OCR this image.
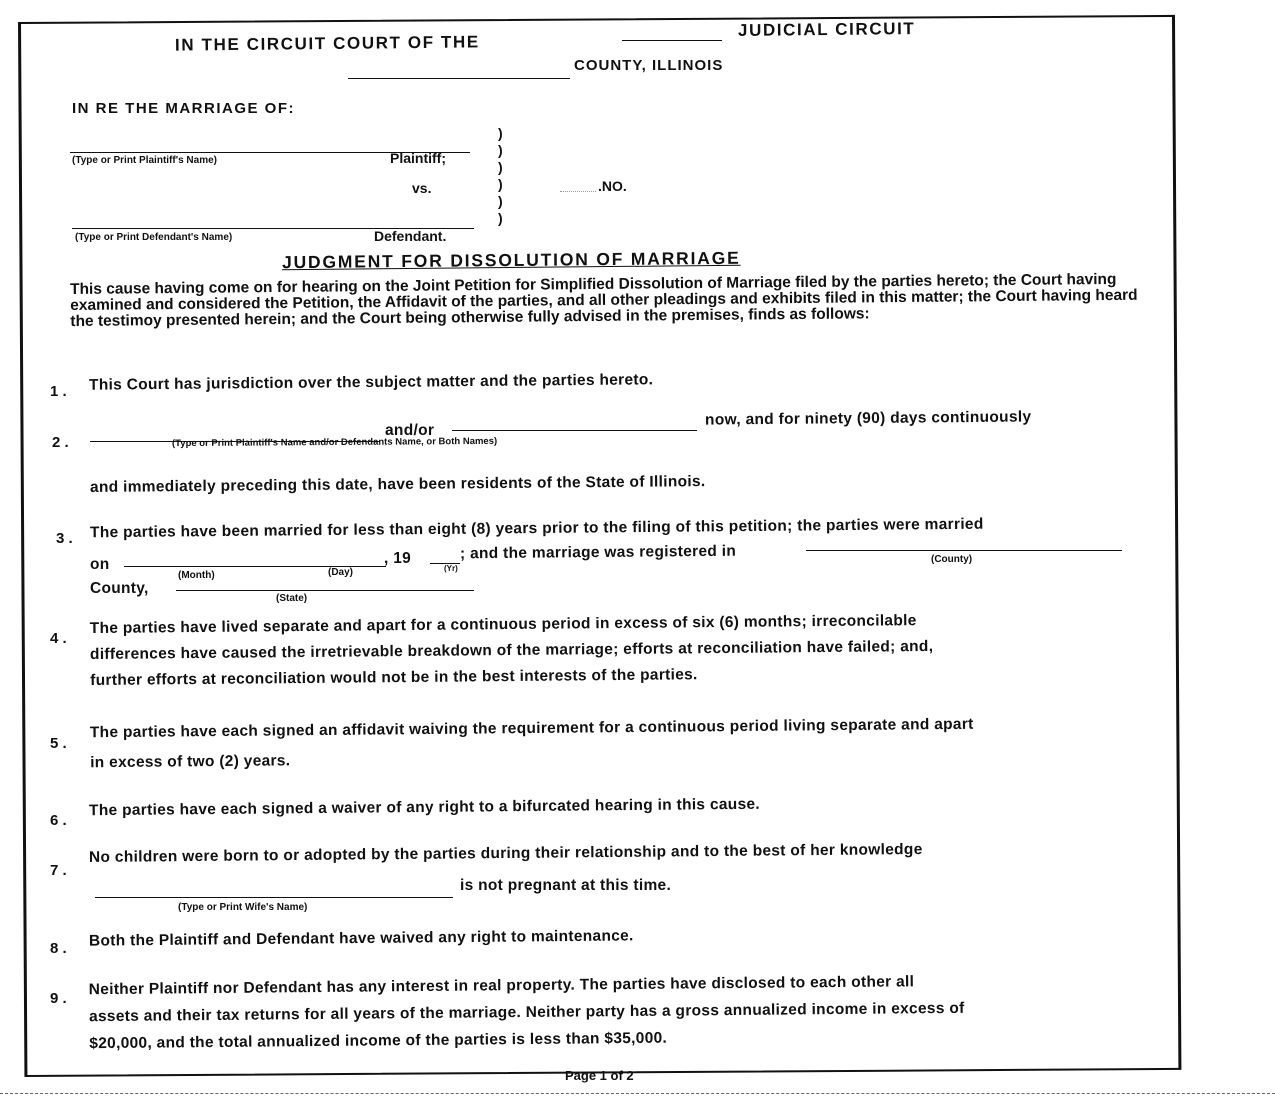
IN THE CIRCUIT COURT OF THE
JUDICIAL CIRCUIT
COUNTY, ILLINOIS
IN RE THE MARRIAGE OF:
(Type or Print Plaintiff's Name)	Plaintiff;
vs.
(Type or Print Defendant's Name)	Defendant.
)
)
)
)
)
)
.NO.
JUDGMENT FOR DISSOLUTION OF MARRIAGE
This cause having come on for hearing on the Joint Petition for Simplified Dissolution of Marriage filed by the parties hereto; the Court having examined and considered the Petition, the Affidavit of the parties, and all other pleadings and exhibits filed in this matter; the Court having heard the testimoy presented herein; and the Court being otherwise fully advised in the premises, finds as follows:
1 . This Court has jurisdiction over the subject matter and the parties hereto.
2 .
and/or
now, and for ninety (90) days continuously
(Type or Print Plaintiff's Name and/or Defendants Name, or Both Names)
and immediately preceding this date, have been residents of the State of Illinois.
3 . The parties have been married for less than eight (8) years prior to the filing of this petition; the parties were married
on
(Month)	(Day)
, 19
(Yr)
; and the marriage was registered in	(County)
County,
(State)
4 .
The parties have lived separate and apart for a continuous period in excess of six (6) months; irreconcilable
differences have caused the irretrievable breakdown of the marriage; efforts at reconciliation have failed; and,
further efforts at reconciliation would not be in the best interests of the parties.
5 .
The parties have each signed an affidavit waiving the requirement for a continuous period living separate and apart
in excess of two (2) years.
6 .
The parties have each signed a waiver of any right to a bifurcated hearing in this cause.
7 .
No children were born to or adopted by the parties during their relationship and to the best of her knowledge
is not pregnant at this time.
(Type or Print Wife's Name)
8 . Both the Plaintiff and Defendant have waived any right to maintenance.
9 .
Neither Plaintiff nor Defendant has any interest in real property. The parties have disclosed to each other all
assets and their tax returns for all years of the marriage. Neither party has a gross annualized income in excess of
$20,000, and the total annualized income of the parties is less than $35,000.
Page 1 of 2
